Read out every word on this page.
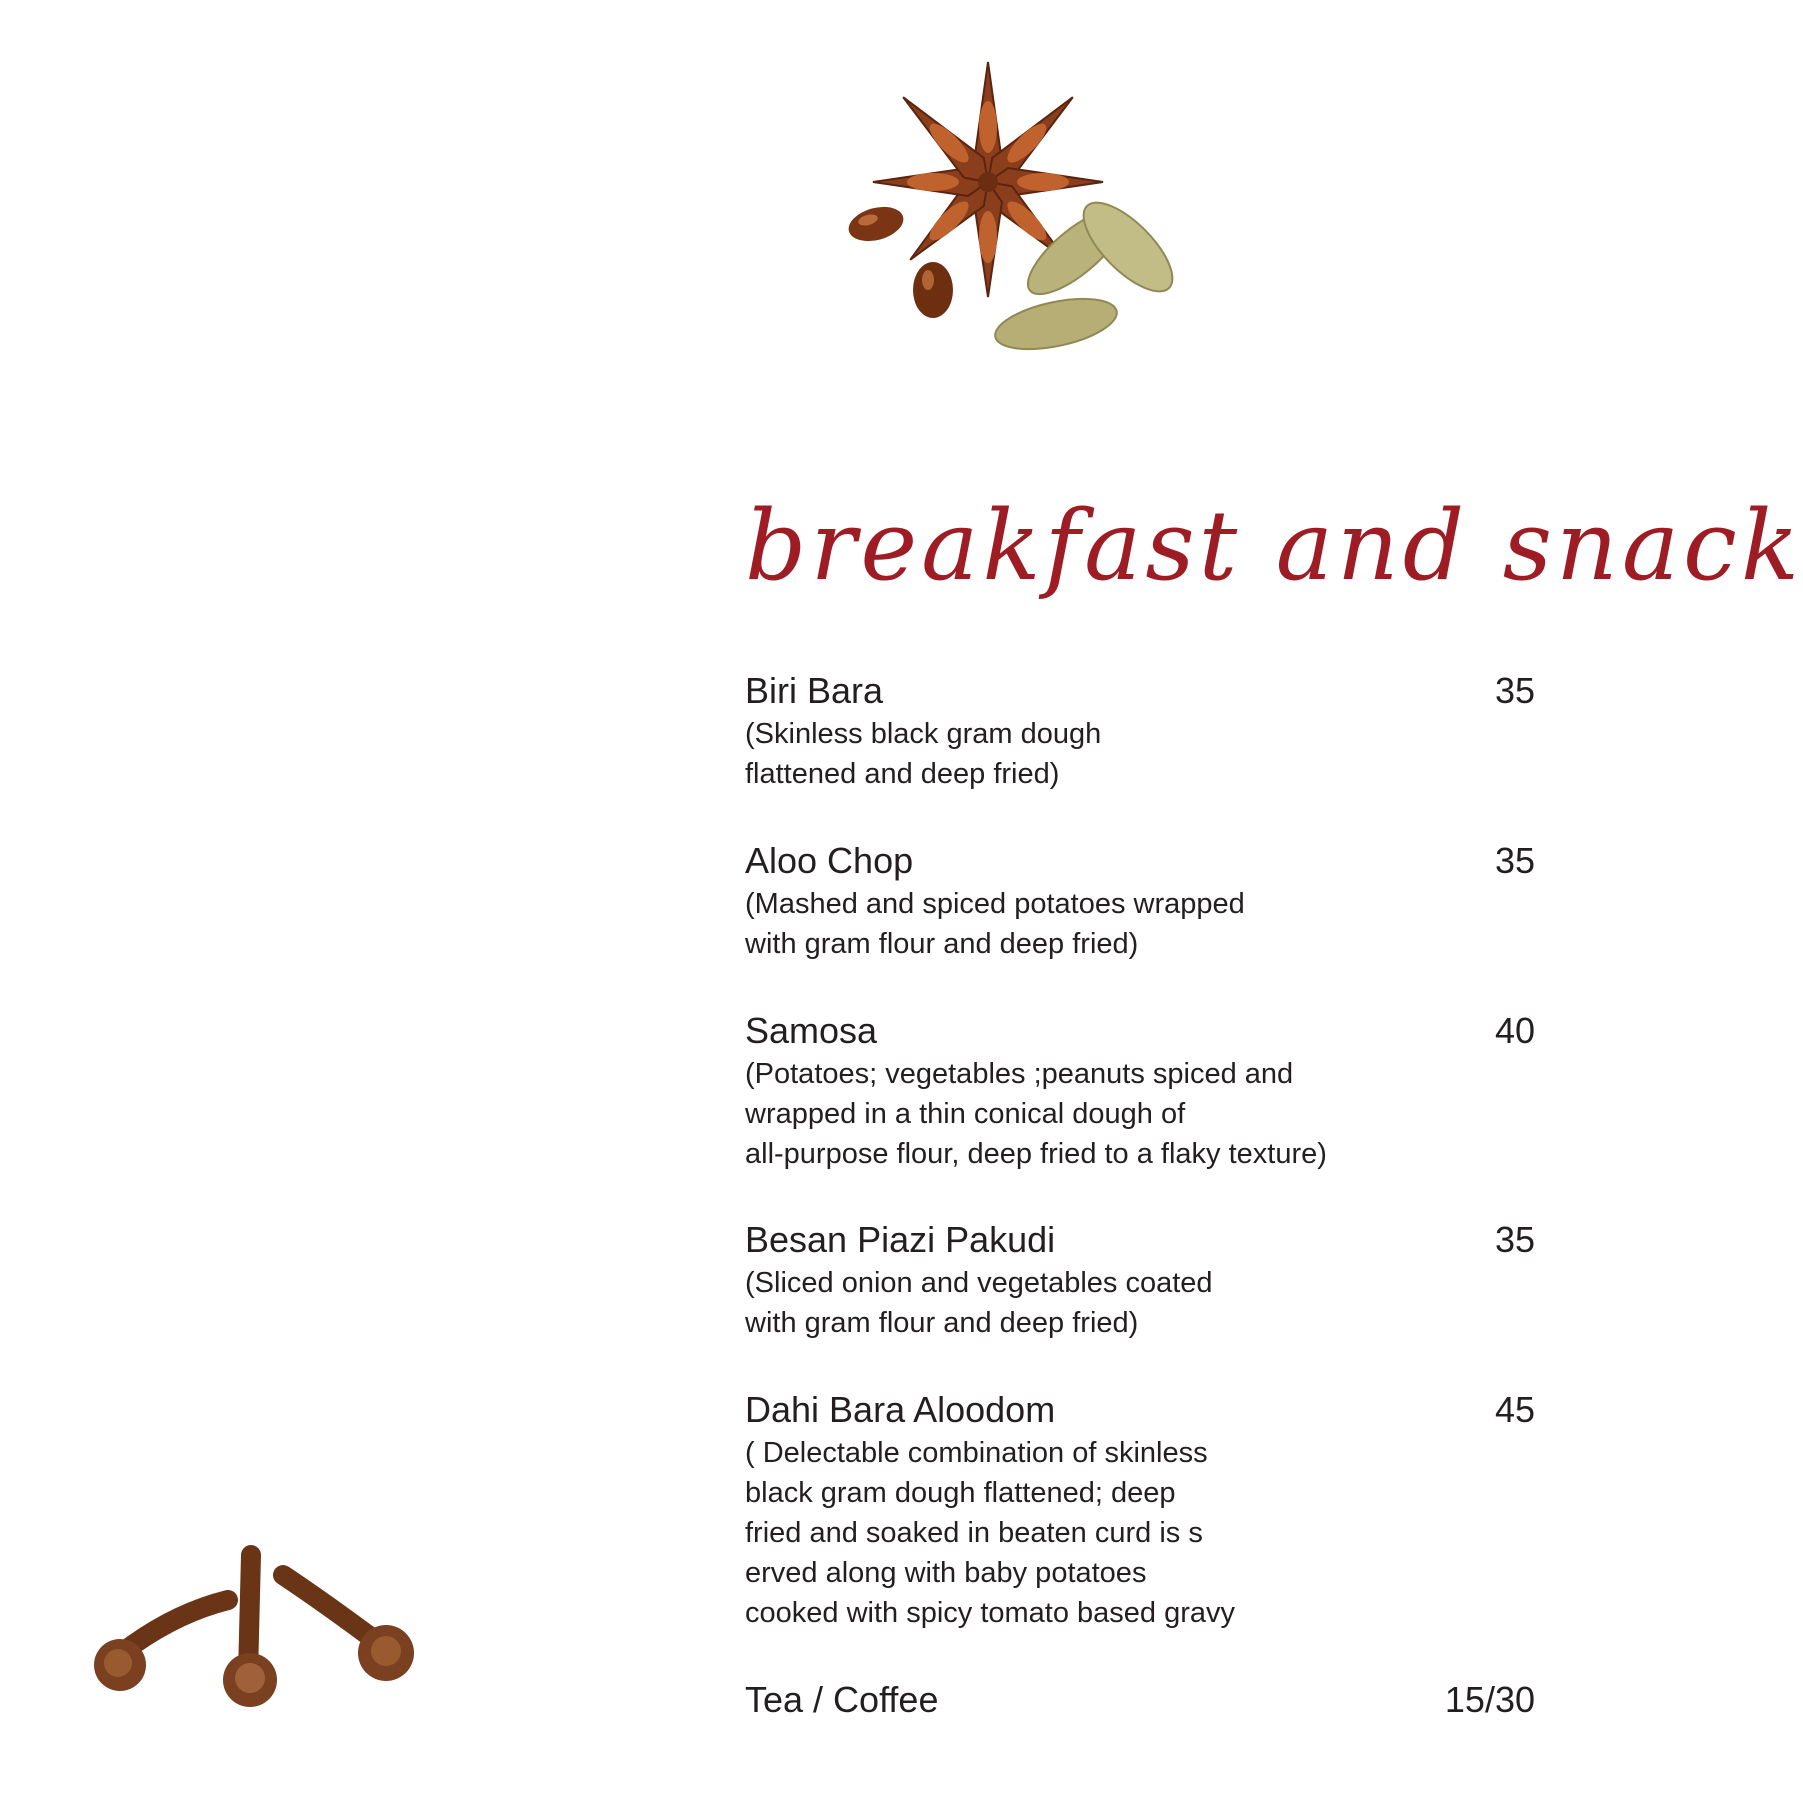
breakfast and snack
Biri Bara	35
(Skinless black gram dough
flattened and deep fried)
Aloo Chop	35
(Mashed and spiced potatoes wrapped
with gram flour and deep fried)
Samosa	40
(Potatoes; vegetables ;peanuts spiced and
wrapped in a thin conical dough of
all-purpose flour, deep fried to a flaky texture)
Besan Piazi Pakudi	35
(Sliced onion and vegetables coated
with gram flour and deep fried)
Dahi Bara Aloodom	45
( Delectable combination of skinless
black gram dough flattened; deep
fried and soaked in beaten curd is s
erved along with baby potatoes
cooked with spicy tomato based gravy
Tea / Coffee	15/30
